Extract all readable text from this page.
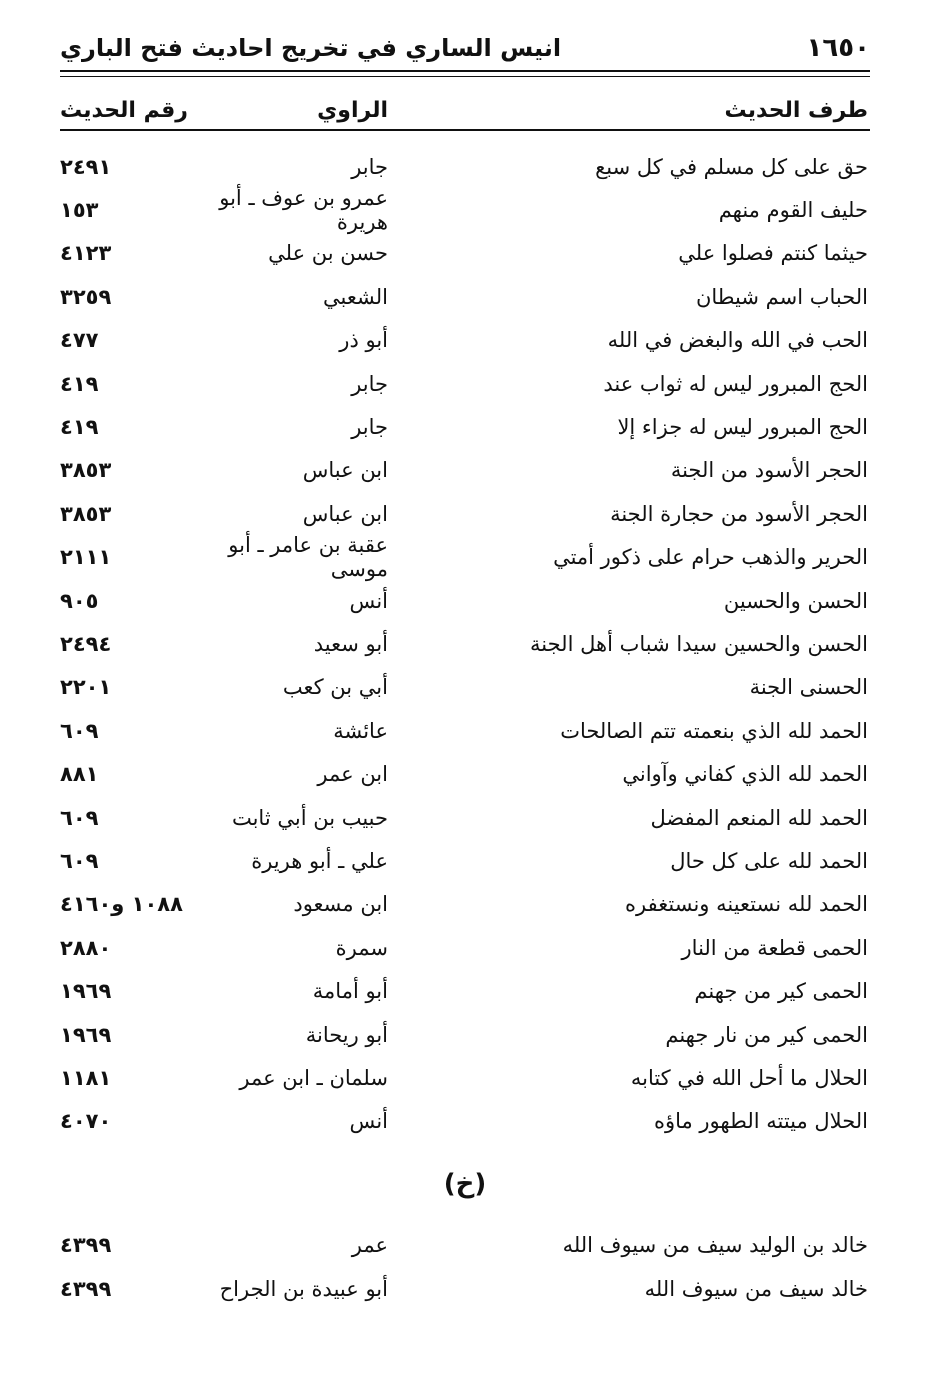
١٦٥٠
انيس الساري في تخريج احاديث فتح الباري
طرف الحديث
الراوي
رقم الحديث
حق على كل مسلم في كل سبع
جابر
٢٤٩١
حليف القوم منهم
عمرو بن عوف ـ أبو هريرة
١٥٣
حيثما كنتم فصلوا علي
حسن بن علي
٤١٢٣
الحباب اسم شيطان
الشعبي
٣٢٥٩
الحب في الله والبغض في الله
أبو ذر
٤٧٧
الحج المبرور ليس له ثواب عند
جابر
٤١٩
الحج المبرور ليس له جزاء إلا
جابر
٤١٩
الحجر الأسود من الجنة
ابن عباس
٣٨٥٣
الحجر الأسود من حجارة الجنة
ابن عباس
٣٨٥٣
الحرير والذهب حرام على ذكور أمتي
عقبة بن عامر ـ أبو موسى
٢١١١
الحسن والحسين
أنس
٩٠٥
الحسن والحسين سيدا شباب أهل الجنة
أبو سعيد
٢٤٩٤
الحسنى الجنة
أبي بن كعب
٢٢٠١
الحمد لله الذي بنعمته تتم الصالحات
عائشة
٦٠٩
الحمد لله الذي كفاني وآواني
ابن عمر
٨٨١
الحمد لله المنعم المفضل
حبيب بن أبي ثابت
٦٠٩
الحمد لله على كل حال
علي ـ أبو هريرة
٦٠٩
الحمد لله نستعينه ونستغفره
ابن مسعود
١٠٨٨ و٤١٦٠
الحمى قطعة من النار
سمرة
٢٨٨٠
الحمى كير من جهنم
أبو أمامة
١٩٦٩
الحمى كير من نار جهنم
أبو ريحانة
١٩٦٩
الحلال ما أحل الله في كتابه
سلمان ـ ابن عمر
١١٨١
الحلال ميتته الطهور ماؤه
أنس
٤٠٧٠
(خ)
خالد بن الوليد سيف من سيوف الله
عمر
٤٣٩٩
خالد سيف من سيوف الله
أبو عبيدة بن الجراح
٤٣٩٩
